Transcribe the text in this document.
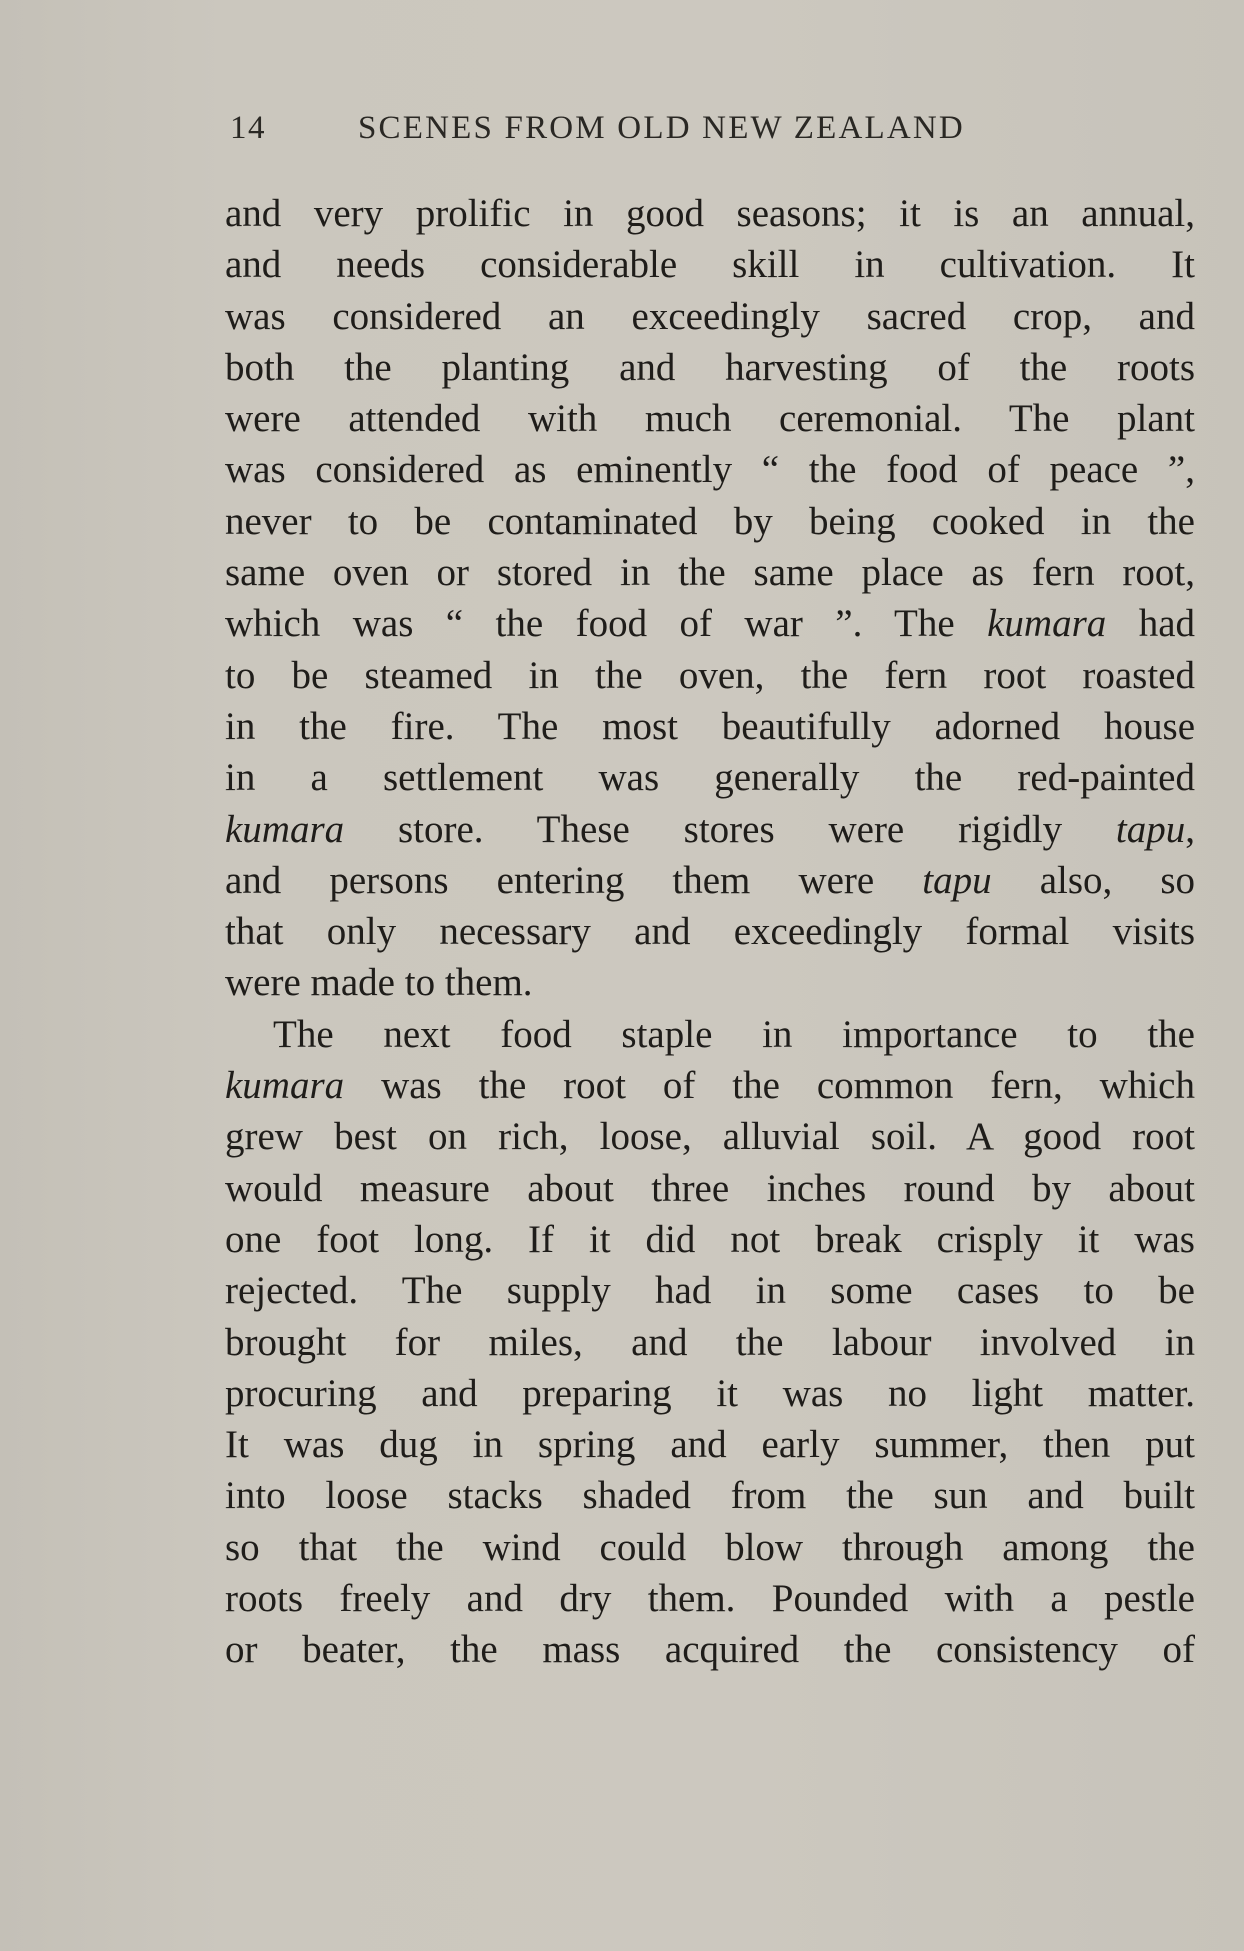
14	SCENES FROM OLD NEW ZEALAND
and very prolific in good seasons; it is an annual,
and needs considerable skill in cultivation. It
was considered an exceedingly sacred crop, and
both the planting and harvesting of the roots
were attended with much ceremonial. The plant
was considered as eminently “ the food of peace ”,
never to be contaminated by being cooked in the
same oven or stored in the same place as fern root,
which was “ the food of war ”. The kumara had
to be steamed in the oven, the fern root roasted
in the fire. The most beautifully adorned house
in a settlement was generally the red-painted
kumara store. These stores were rigidly tapu,
and persons entering them were tapu also, so
that only necessary and exceedingly formal visits
were made to them.
The next food staple in importance to the
kumara was the root of the common fern, which
grew best on rich, loose, alluvial soil. A good root
would measure about three inches round by about
one foot long. If it did not break crisply it was
rejected. The supply had in some cases to be
brought for miles, and the labour involved in
procuring and preparing it was no light matter.
It was dug in spring and early summer, then put
into loose stacks shaded from the sun and built
so that the wind could blow through among the
roots freely and dry them. Pounded with a pestle
or beater, the mass acquired the consistency of
